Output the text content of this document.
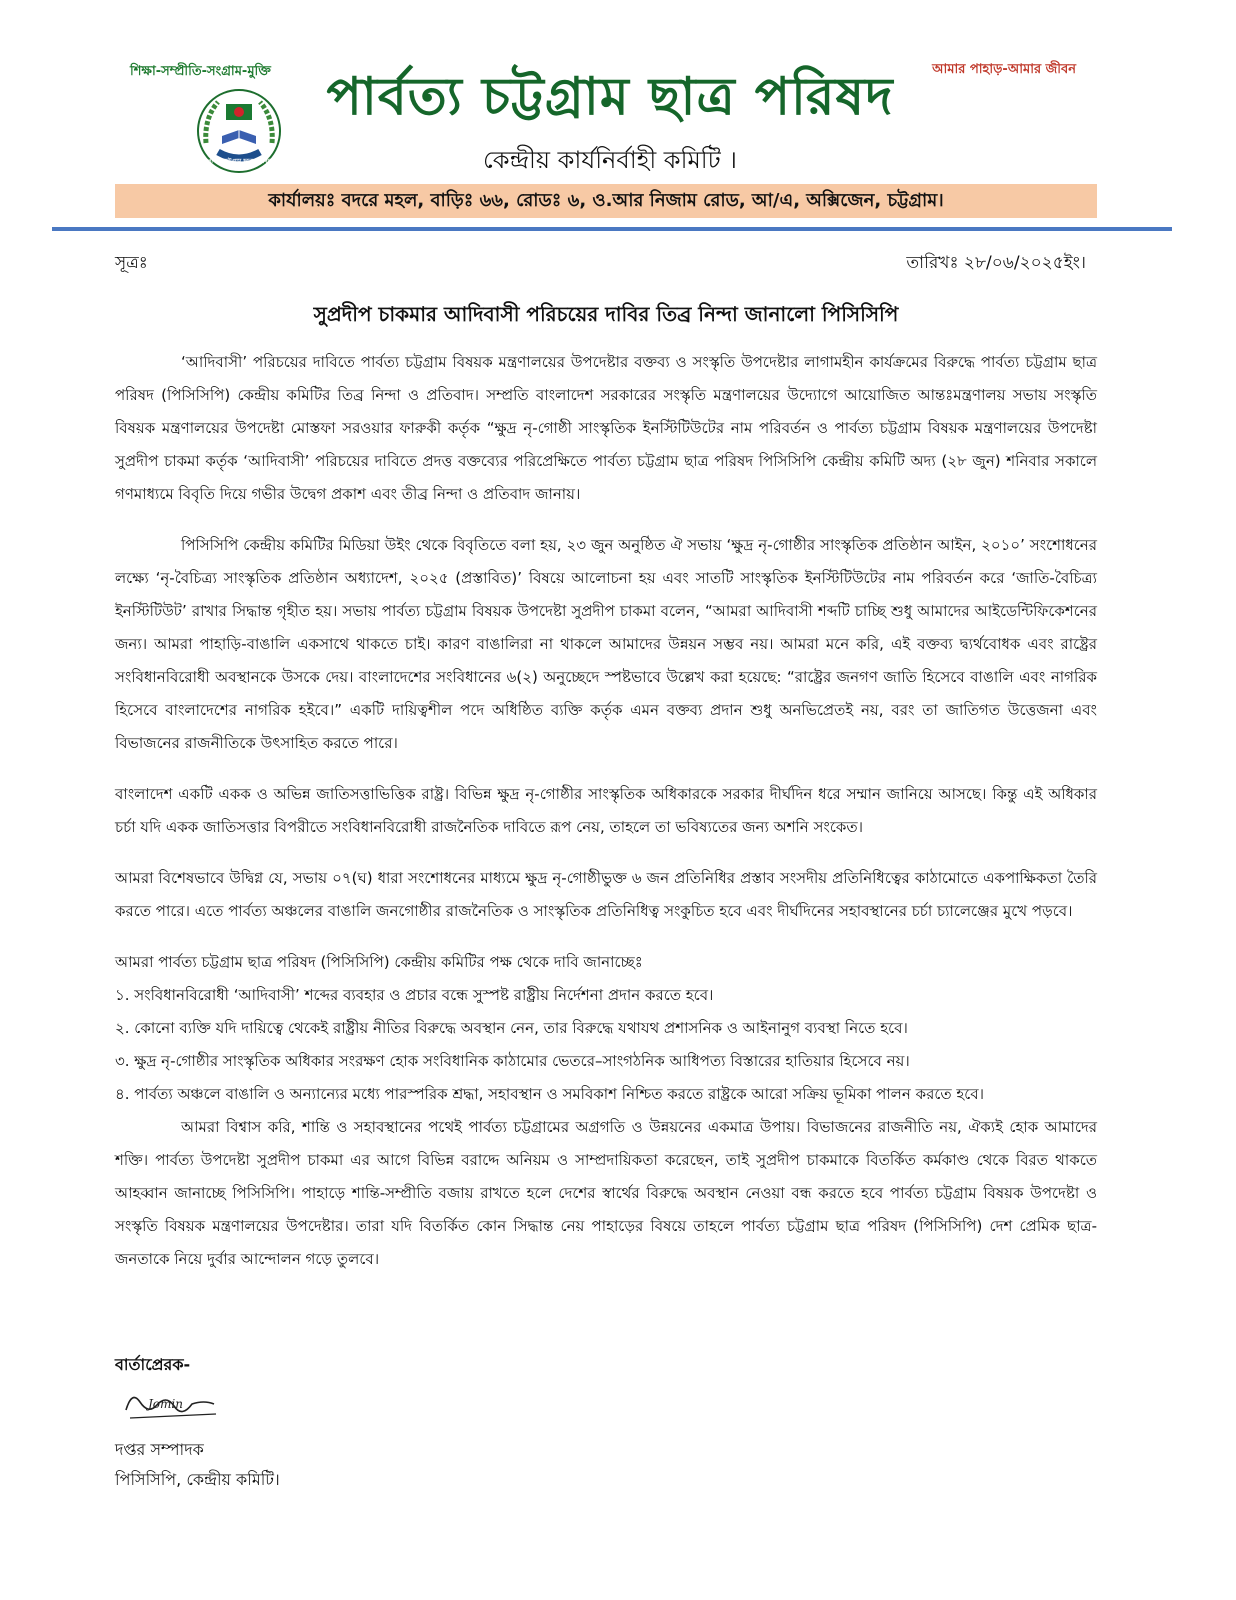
শিক্ষা-সম্প্রীতি-সংগ্রাম-মুক্তি	আমার পাহাড়-আমার জীবন
পার্বত্য চট্টগ্রাম ছাত্র পরিষদ
পার্বত্য চট্টগ্রাম ছাত্র পরিষদ
কেন্দ্রীয় কার্যনির্বাহী কমিটি ।
কার্যালয়ঃ বদরে মহল, বাড়িঃ ৬৬, রোডঃ ৬, ও.আর নিজাম রোড, আ/এ, অক্সিজেন, চট্টগ্রাম।
সূত্রঃ	তারিখঃ ২৮/০৬/২০২৫ইং।
সুপ্রদীপ চাকমার আদিবাসী পরিচয়ের দাবির তিব্র নিন্দা জানালো পিসিসিপি

‘আদিবাসী’ পরিচয়ের দাবিতে পার্বত্য চট্টগ্রাম বিষয়ক মন্ত্রণালয়ের উপদেষ্টার বক্তব্য ও সংস্কৃতি উপদেষ্টার লাগামহীন কার্যক্রমের বিরুদ্ধে পার্বত্য চট্টগ্রাম ছাত্র পরিষদ (পিসিসিপি) কেন্দ্রীয় কমিটির তিব্র নিন্দা ও প্রতিবাদ। সম্প্রতি বাংলাদেশ সরকারের সংস্কৃতি মন্ত্রণালয়ের উদ্যোগে আয়োজিত আন্তঃমন্ত্রণালয় সভায় সংস্কৃতি বিষয়ক মন্ত্রণালয়ের উপদেষ্টা মোস্তফা সরওয়ার ফারুকী কর্তৃক “ক্ষুদ্র নৃ-গোষ্ঠী সাংস্কৃতিক ইনস্টিটিউটের নাম পরিবর্তন ও পার্বত্য চট্টগ্রাম বিষয়ক মন্ত্রণালয়ের উপদেষ্টা সুপ্রদীপ চাকমা কর্তৃক ‘আদিবাসী’ পরিচয়ের দাবিতে প্রদত্ত বক্তব্যের পরিপ্রেক্ষিতে পার্বত্য চট্টগ্রাম ছাত্র পরিষদ পিসিসিপি কেন্দ্রীয় কমিটি অদ্য (২৮ জুন) শনিবার সকালে গণমাধ্যমে বিবৃতি দিয়ে গভীর উদ্বেগ প্রকাশ এবং তীব্র নিন্দা ও প্রতিবাদ জানায়।

পিসিসিপি কেন্দ্রীয় কমিটির মিডিয়া উইং থেকে বিবৃতিতে বলা হয়, ২৩ জুন অনুষ্ঠিত ঐ সভায় ‘ক্ষুদ্র নৃ-গোষ্ঠীর সাংস্কৃতিক প্রতিষ্ঠান আইন, ২০১০’ সংশোধনের লক্ষ্যে ‘নৃ-বৈচিত্র্য সাংস্কৃতিক প্রতিষ্ঠান অধ্যাদেশ, ২০২৫ (প্রস্তাবিত)’ বিষয়ে আলোচনা হয় এবং সাতটি সাংস্কৃতিক ইনস্টিটিউটের নাম পরিবর্তন করে ‘জাতি-বৈচিত্র্য ইনস্টিটিউট’ রাখার সিদ্ধান্ত গৃহীত হয়। সভায় পার্বত্য চট্টগ্রাম বিষয়ক উপদেষ্টা সুপ্রদীপ চাকমা বলেন, “আমরা আদিবাসী শব্দটি চাচ্ছি শুধু আমাদের আইডেন্টিফিকেশনের জন্য। আমরা পাহাড়ি-বাঙালি একসাথে থাকতে চাই। কারণ বাঙালিরা না থাকলে আমাদের উন্নয়ন সম্ভব নয়। আমরা মনে করি, এই বক্তব্য দ্ব্যর্থবোধক এবং রাষ্ট্রের সংবিধানবিরোধী অবস্থানকে উসকে দেয়। বাংলাদেশের সংবিধানের ৬(২) অনুচ্ছেদে স্পষ্টভাবে উল্লেখ করা হয়েছে: “রাষ্ট্রের জনগণ জাতি হিসেবে বাঙালি এবং নাগরিক হিসেবে বাংলাদেশের নাগরিক হইবে।” একটি দায়িত্বশীল পদে অধিষ্ঠিত ব্যক্তি কর্তৃক এমন বক্তব্য প্রদান শুধু অনভিপ্রেতই নয়, বরং তা জাতিগত উত্তেজনা এবং বিভাজনের রাজনীতিকে উৎসাহিত করতে পারে।

বাংলাদেশ একটি একক ও অভিন্ন জাতিসত্তাভিত্তিক রাষ্ট্র। বিভিন্ন ক্ষুদ্র নৃ-গোষ্ঠীর সাংস্কৃতিক অধিকারকে সরকার দীর্ঘদিন ধরে সম্মান জানিয়ে আসছে। কিন্তু এই অধিকার চর্চা যদি একক জাতিসত্তার বিপরীতে সংবিধানবিরোধী রাজনৈতিক দাবিতে রূপ নেয়, তাহলে তা ভবিষ্যতের জন্য অশনি সংকেত।

আমরা বিশেষভাবে উদ্বিগ্ন যে, সভায় ০৭(ঘ) ধারা সংশোধনের মাধ্যমে ক্ষুদ্র নৃ-গোষ্ঠীভুক্ত ৬ জন প্রতিনিধির প্রস্তাব সংসদীয় প্রতিনিধিত্বের কাঠামোতে একপাক্ষিকতা তৈরি করতে পারে। এতে পার্বত্য অঞ্চলের বাঙালি জনগোষ্ঠীর রাজনৈতিক ও সাংস্কৃতিক প্রতিনিধিত্ব সংকুচিত হবে এবং দীর্ঘদিনের সহাবস্থানের চর্চা চ্যালেঞ্জের মুখে পড়বে।

আমরা পার্বত্য চট্টগ্রাম ছাত্র পরিষদ (পিসিসিপি) কেন্দ্রীয় কমিটির পক্ষ থেকে দাবি জানাচ্ছেঃ

১. সংবিধানবিরোধী ‘আদিবাসী’ শব্দের ব্যবহার ও প্রচার বন্ধে সুস্পষ্ট রাষ্ট্রীয় নির্দেশনা প্রদান করতে হবে।

২. কোনো ব্যক্তি যদি দায়িত্বে থেকেই রাষ্ট্রীয় নীতির বিরুদ্ধে অবস্থান নেন, তার বিরুদ্ধে যথাযথ প্রশাসনিক ও আইনানুগ ব্যবস্থা নিতে হবে।

৩. ক্ষুদ্র নৃ-গোষ্ঠীর সাংস্কৃতিক অধিকার সংরক্ষণ হোক সংবিধানিক কাঠামোর ভেতরে–সাংগঠনিক আধিপত্য বিস্তারের হাতিয়ার হিসেবে নয়।

৪. পার্বত্য অঞ্চলে বাঙালি ও অন্যান্যের মধ্যে পারস্পরিক শ্রদ্ধা, সহাবস্থান ও সমবিকাশ নিশ্চিত করতে রাষ্ট্রকে আরো সক্রিয় ভূমিকা পালন করতে হবে।

আমরা বিশ্বাস করি, শান্তি ও সহাবস্থানের পথেই পার্বত্য চট্টগ্রামের অগ্রগতি ও উন্নয়নের একমাত্র উপায়। বিভাজনের রাজনীতি নয়, ঐক্যই হোক আমাদের শক্তি। পার্বত্য উপদেষ্টা সুপ্রদীপ চাকমা এর আগে বিভিন্ন বরাদ্দে অনিয়ম ও সাম্প্রদায়িকতা করেছেন, তাই সুপ্রদীপ চাকমাকে বিতর্কিত কর্মকাণ্ড থেকে বিরত থাকতে আহব্বান জানাচ্ছে পিসিসিপি। পাহাড়ে শান্তি-সম্প্রীতি বজায় রাখতে হলে দেশের স্বার্থের বিরুদ্ধে অবস্থান নেওয়া বন্ধ করতে হবে পার্বত্য চট্টগ্রাম বিষয়ক উপদেষ্টা ও সংস্কৃতি বিষয়ক মন্ত্রণালয়ের উপদেষ্টার। তারা যদি বিতর্কিত কোন সিদ্ধান্ত নেয় পাহাড়ের বিষয়ে তাহলে পার্বত্য চট্টগ্রাম ছাত্র পরিষদ (পিসিসিপি) দেশ প্রেমিক ছাত্র-জনতাকে নিয়ে দুর্বার আন্দোলন গড়ে তুলবে।

বার্তাপ্রেরক-
Jomin
দপ্তর সম্পাদক
পিসিসিপি, কেন্দ্রীয় কমিটি।
